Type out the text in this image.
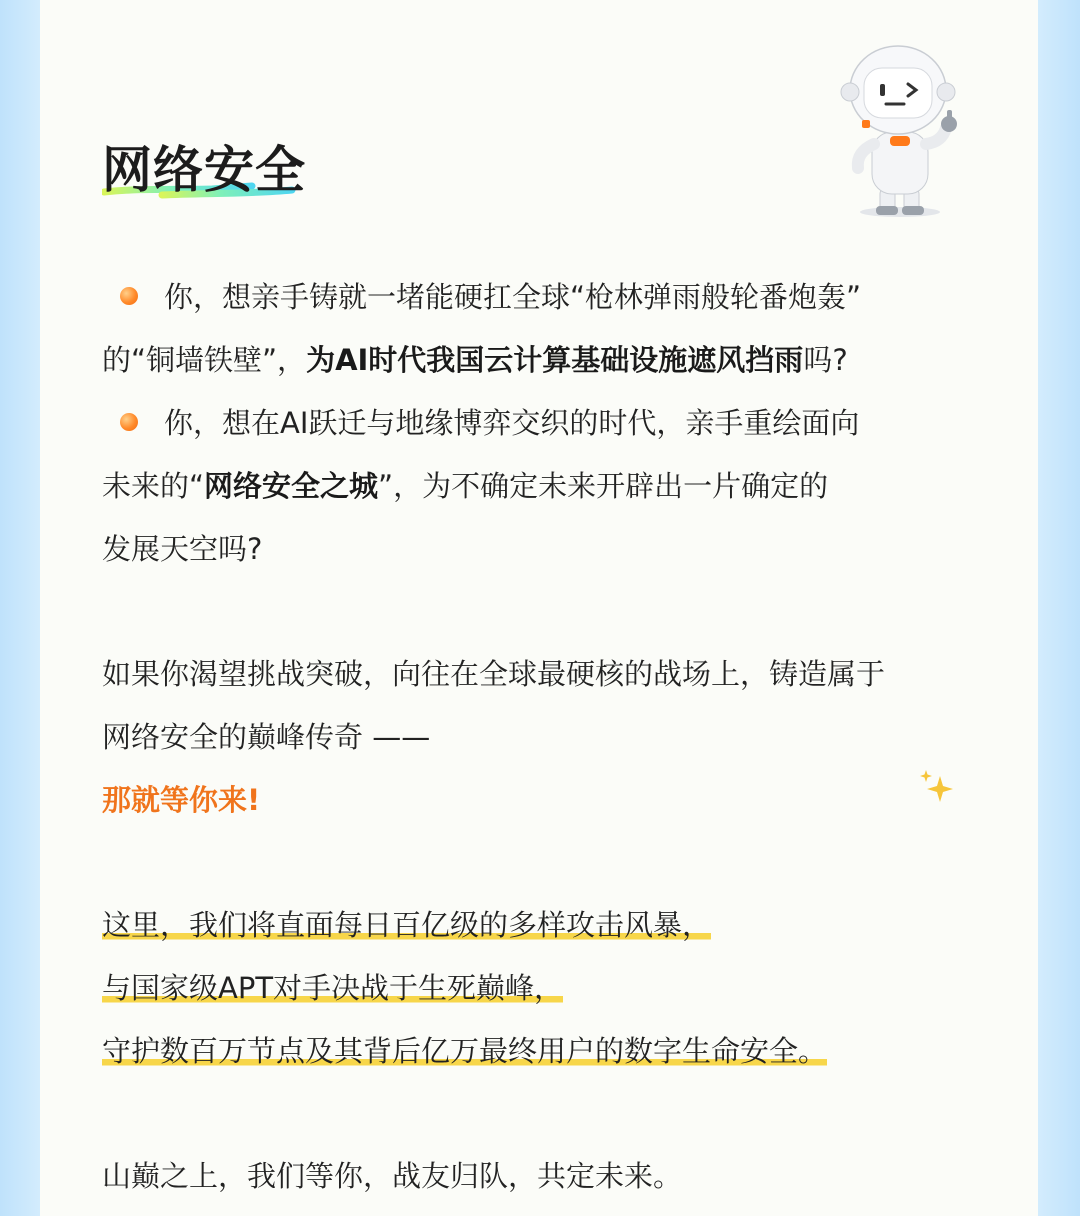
网络安全
你，想亲手铸就一堵能硬扛全球“枪林弹雨般轮番炮轰”
的“铜墙铁壁”，为AI时代我国云计算基础设施遮风挡雨吗?
你，想在AI跃迁与地缘博弈交织的时代，亲手重绘面向
未来的“网络安全之城”，为不确定未来开辟出一片确定的
发展天空吗?
如果你渴望挑战突破，向往在全球最硬核的战场上，铸造属于
网络安全的巅峰传奇 ——
那就等你来!
这里，我们将直面每日百亿级的多样攻击风暴，
与国家级APT对手决战于生死巅峰，
守护数百万节点及其背后亿万最终用户的数字生命安全。
山巅之上，我们等你，战友归队，共定未来。
